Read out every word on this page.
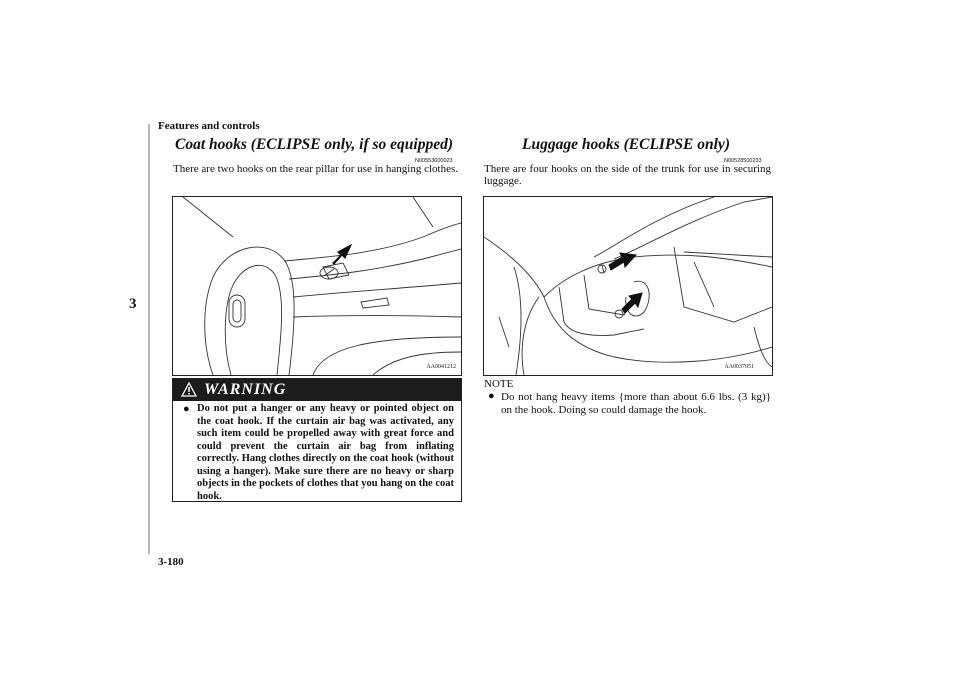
Features and controls
3
3-180
Coat hooks (ECLIPSE only, if so equipped)
N00553600023
There are two hooks on the rear pillar for use in hanging clothes.
AA0041212
WARNING
● Do not put a hanger or any heavy or pointed object on the coat hook. If the curtain air bag was activated, any such item could be propelled away with great force and could prevent the curtain air bag from inflating correctly. Hang clothes directly on the coat hook (without using a hanger). Make sure there are no heavy or sharp objects in the pockets of clothes that you hang on the coat hook.
Luggage hooks (ECLIPSE only)
N00528500233
There are four hooks on the side of the trunk for use in securing luggage.
AA0037051
NOTE
● Do not hang heavy items {more than about 6.6 lbs. (3 kg)} on the hook. Doing so could damage the hook.
